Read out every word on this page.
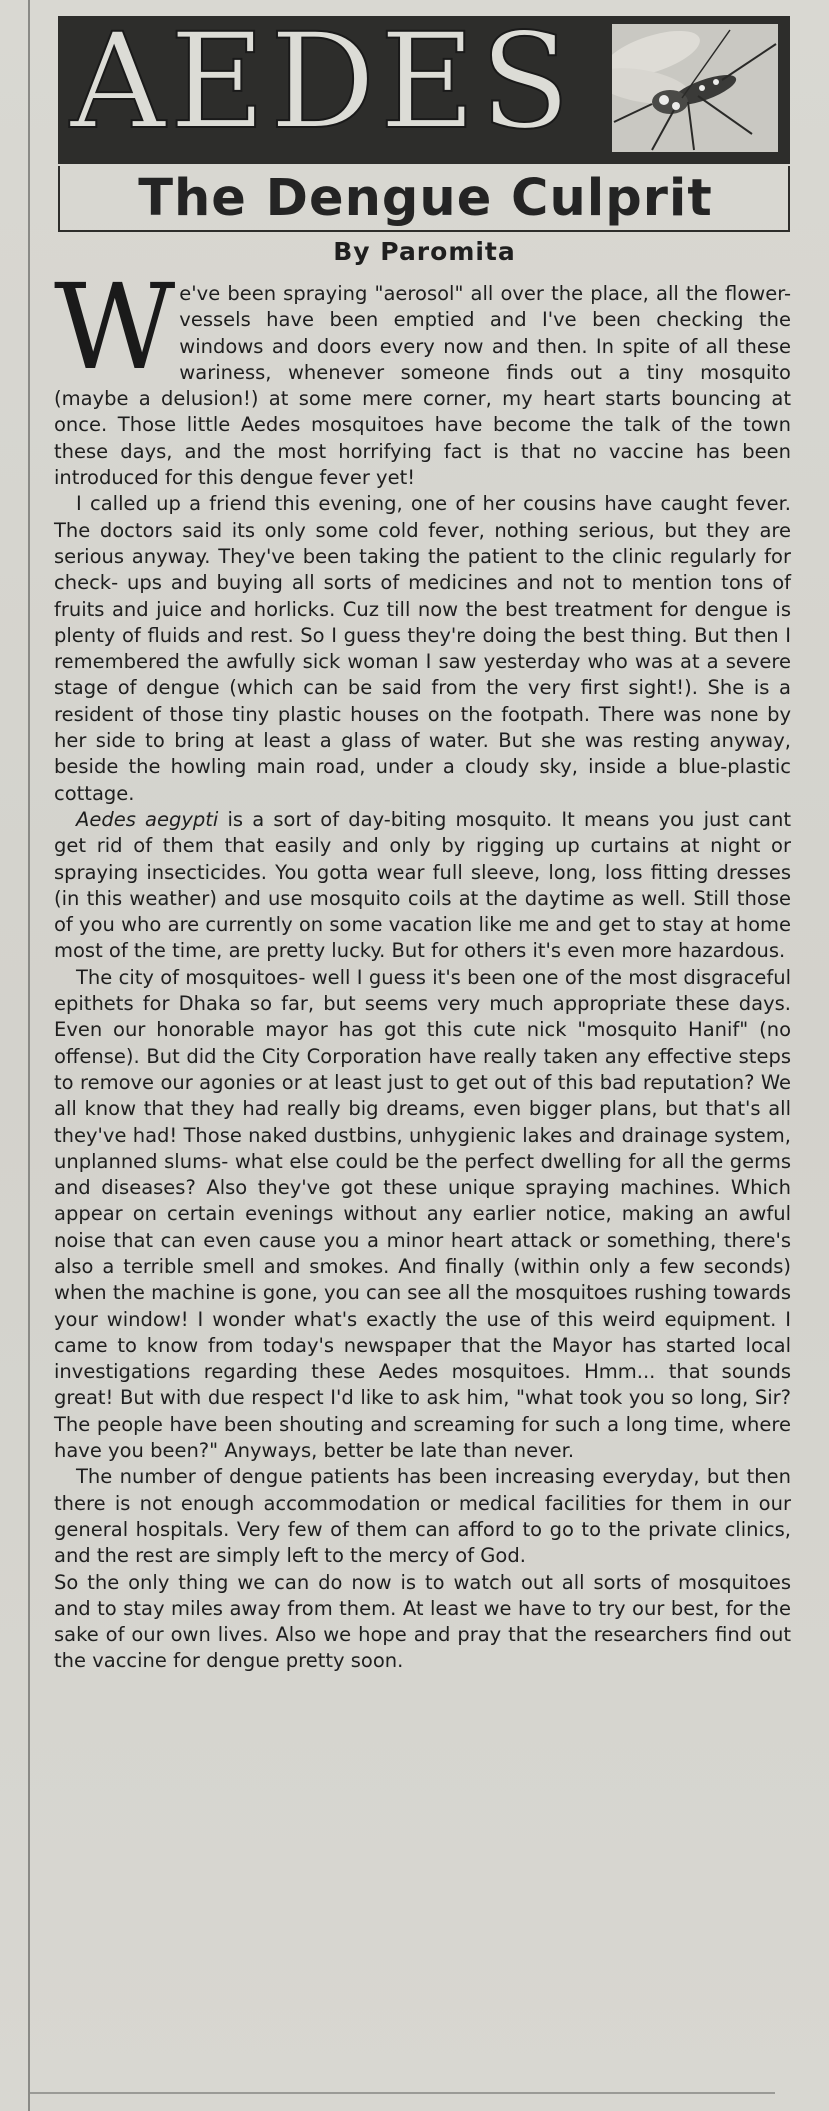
AEDES
The Dengue Culprit
By Paromita

We've been spraying "aerosol" all over the place, all the flower-vessels have been emptied and I've been checking the windows and doors every now and then. In spite of all these wariness, whenever someone finds out a tiny mosquito (maybe a delusion!) at some mere corner, my heart starts bouncing at once. Those little Aedes mosquitoes have become the talk of the town these days, and the most horrifying fact is that no vaccine has been introduced for this dengue fever yet!

I called up a friend this evening, one of her cousins have caught fever. The doctors said its only some cold fever, nothing serious, but they are serious anyway. They've been taking the patient to the clinic regularly for check- ups and buying all sorts of medicines and not to mention tons of fruits and juice and horlicks. Cuz till now the best treatment for dengue is plenty of fluids and rest. So I guess they're doing the best thing. But then I remembered the awfully sick woman I saw yesterday who was at a severe stage of dengue (which can be said from the very first sight!). She is a resident of those tiny plastic houses on the footpath. There was none by her side to bring at least a glass of water. But she was resting anyway, beside the howling main road, under a cloudy sky, inside a blue-plastic cottage.

Aedes aegypti is a sort of day-biting mosquito. It means you just cant get rid of them that easily and only by rigging up curtains at night or spraying insecticides. You gotta wear full sleeve, long, loss fitting dresses (in this weather) and use mosquito coils at the daytime as well. Still those of you who are currently on some vacation like me and get to stay at home most of the time, are pretty lucky. But for others it's even more hazardous.

The city of mosquitoes- well I guess it's been one of the most disgraceful epithets for Dhaka so far, but seems very much appropriate these days. Even our honorable mayor has got this cute nick "mosquito Hanif" (no offense). But did the City Corporation have really taken any effective steps to remove our agonies or at least just to get out of this bad reputation? We all know that they had really big dreams, even bigger plans, but that's all they've had! Those naked dustbins, unhygienic lakes and drainage system, unplanned slums- what else could be the perfect dwelling for all the germs and diseases? Also they've got these unique spraying machines. Which appear on certain evenings without any earlier notice, making an awful noise that can even cause you a minor heart attack or something, there's also a terrible smell and smokes. And finally (within only a few seconds) when the machine is gone, you can see all the mosquitoes rushing towards your window! I wonder what's exactly the use of this weird equipment. I came to know from today's newspaper that the Mayor has started local investigations regarding these Aedes mosquitoes. Hmm... that sounds great! But with due respect I'd like to ask him, "what took you so long, Sir? The people have been shouting and screaming for such a long time, where have you been?" Anyways, better be late than never.

The number of dengue patients has been increasing everyday, but then there is not enough accommodation or medical facilities for them in our general hospitals. Very few of them can afford to go to the private clinics, and the rest are simply left to the mercy of God.

So the only thing we can do now is to watch out all sorts of mosquitoes and to stay miles away from them. At least we have to try our best, for the sake of our own lives. Also we hope and pray that the researchers find out the vaccine for dengue pretty soon.
